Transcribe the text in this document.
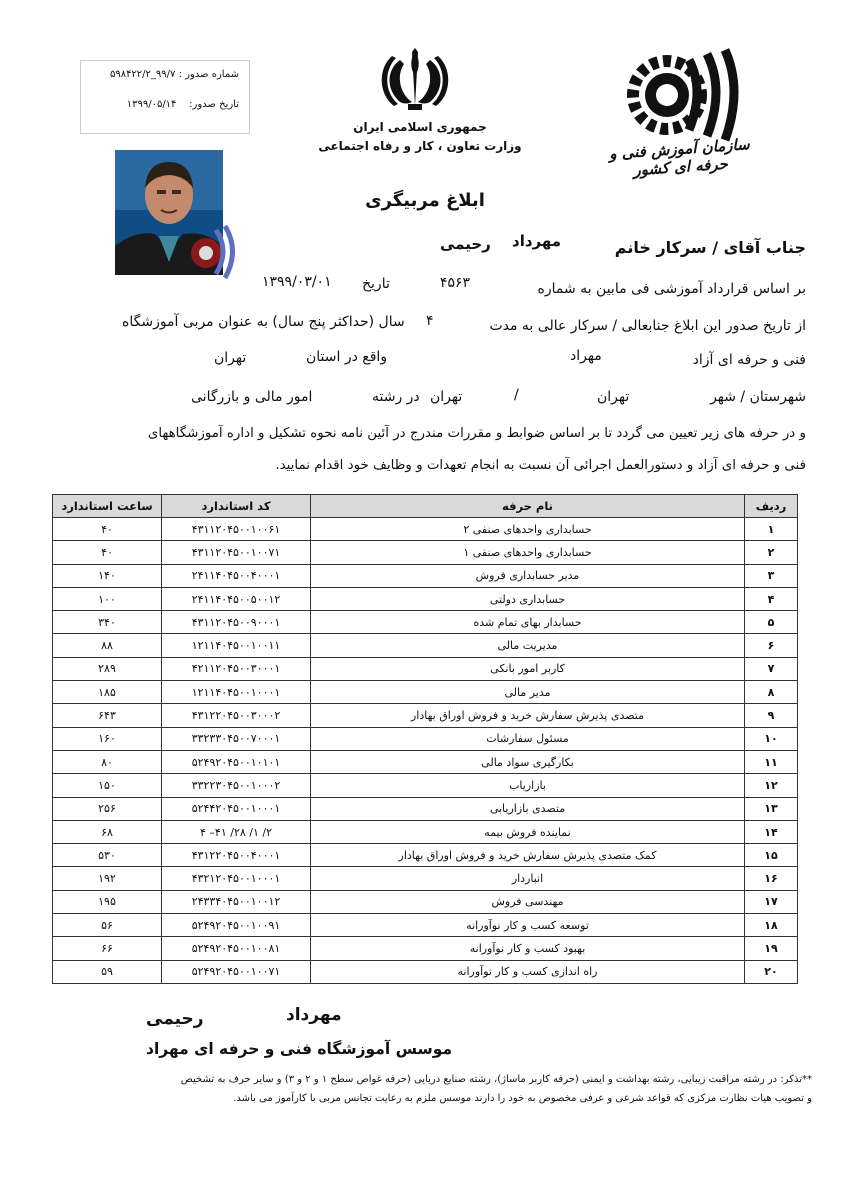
شماره صدور : ۹۹/۷_۵۹۸۴۲۲/۲
تاریخ صدور:    ۱۳۹۹/۰۵/۱۴
جمهوری اسلامی ایران
وزارت تعاون ، کار و رفاه اجتماعی	سازمان آموزش فنی و حرفه ای کشور
ابلاغ مربیگری
جناب آقای / سرکار خانم
مهرداد
رحیمی
بر اساس قرارداد آموزشی فی مابین به شماره
۴۵۶۳
تاریخ
۱۳۹۹/۰۳/۰۱
از تاریخ صدور این ابلاغ جنابعالی / سرکار عالی به مدت
۴
سال (حداکثر پنج سال) به عنوان مربی آموزشگاه
فنی و حرفه ای آزاد
مهراد
واقع در استان
تهران
شهرستان / شهر
تهران
/
تهران
در رشته
امور مالی و بازرگانی
و در حرفه های زیر تعیین می گردد تا بر اساس ضوابط و مقررات مندرج در آئین نامه نحوه تشکیل و اداره آموزشگاههای
فنی و حرفه ای آزاد و دستورالعمل اجرائی آن نسبت به انجام تعهدات و وظایف خود اقدام نمایید.
ردیف	نام حرفه	کد استاندارد	ساعت استاندارد
۱	حسابداری واحدهای صنفی ۲	۴۳۱۱۲۰۴۵۰۰۱۰۰۶۱	۴۰
۲	حسابداری واحدهای صنفی ۱	۴۳۱۱۲۰۴۵۰۰۱۰۰۷۱	۴۰
۳	مدیر حسابداری فروش	۲۴۱۱۴۰۴۵۰۰۴۰۰۰۱	۱۴۰
۴	حسابداری دولتی	۲۴۱۱۴۰۴۵۰۰۵۰۰۱۲	۱۰۰
۵	حسابدار بهای تمام شده	۴۳۱۱۲۰۴۵۰۰۹۰۰۰۱	۳۴۰
۶	مدیریت مالی	۱۲۱۱۴۰۴۵۰۰۱۰۰۱۱	۸۸
۷	کاربر امور بانکی	۴۲۱۱۲۰۴۵۰۰۳۰۰۰۱	۲۸۹
۸	مدیر مالی	۱۲۱۱۴۰۴۵۰۰۱۰۰۰۱	۱۸۵
۹	متصدی پذیرش سفارش خرید و فروش اوراق بهادار	۴۳۱۲۲۰۴۵۰۰۳۰۰۰۲	۶۴۳
۱۰	مسئول سفارشات	۳۳۲۳۳۰۴۵۰۰۷۰۰۰۱	۱۶۰
۱۱	بکارگیری سواد مالی	۵۲۴۹۲۰۴۵۰۰۱۰۱۰۱	۸۰
۱۲	بازاریاب	۳۳۲۲۳۰۴۵۰۰۱۰۰۰۲	۱۵۰
۱۳	متصدی بازاریابی	۵۲۴۴۲۰۴۵۰۰۱۰۰۰۱	۲۵۶
۱۴	نماینده فروش بیمه	۴ –۴۱ /۲۸ /۱ /۲	۶۸
۱۵	کمک متصدی پذیرش سفارش خرید و فروش اوراق بهادار	۴۳۱۲۲۰۴۵۰۰۴۰۰۰۱	۵۳۰
۱۶	انباردار	۴۳۲۱۲۰۴۵۰۰۱۰۰۰۱	۱۹۲
۱۷	مهندسی فروش	۲۴۳۳۴۰۴۵۰۰۱۰۰۱۲	۱۹۵
۱۸	توسعه کسب و کار نوآورانه	۵۲۴۹۲۰۴۵۰۰۱۰۰۹۱	۵۶
۱۹	بهبود کسب و کار نوآورانه	۵۲۴۹۲۰۴۵۰۰۱۰۰۸۱	۶۶
۲۰	راه اندازی کسب و کار نوآورانه	۵۲۴۹۲۰۴۵۰۰۱۰۰۷۱	۵۹
مهرداد
رحیمی
موسس آموزشگاه فنی و حرفه ای مهراد
**تذکر: در رشته مراقبت زیبایی، رشته بهداشت و ایمنی (حرفه کاربر ماساژ)، رشته صنایع دریایی (حرفه غواص سطح ۱ و ۲ و ۳) و سایر حرف به تشخیص
و تصویب هیات نظارت مرکزی که قواعد شرعی و عرفی مخصوص به خود را دارند موسس ملزم به رعایت تجانس مربی با کارآموز می باشد.
